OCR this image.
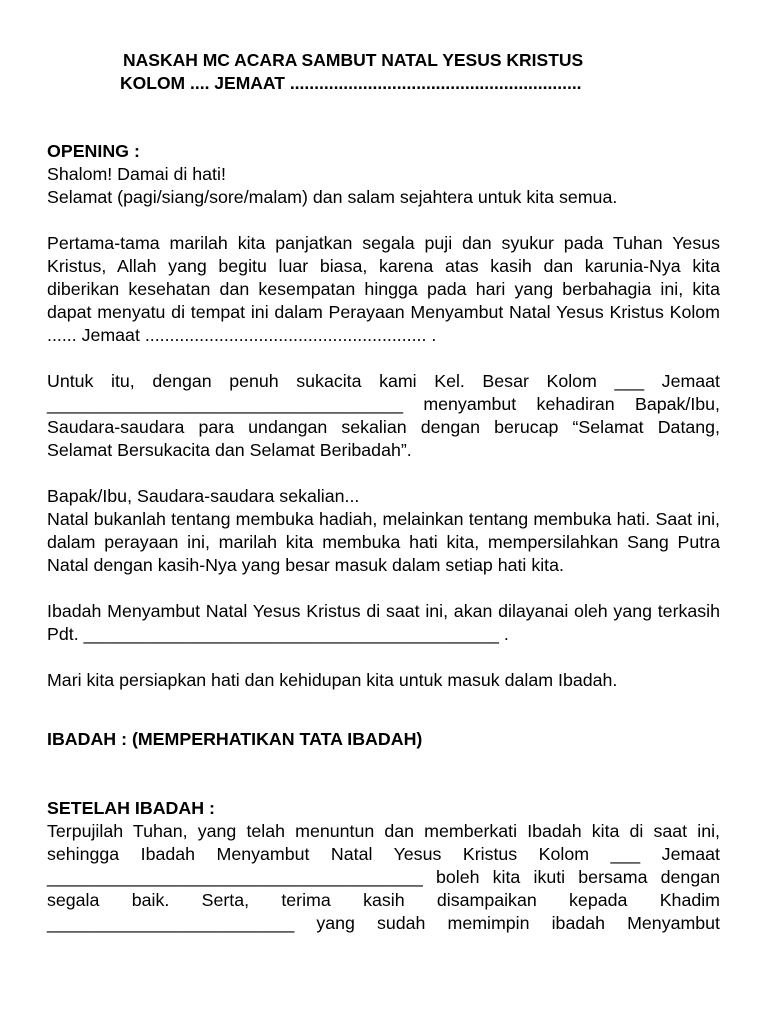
NASKAH MC ACARA SAMBUT NATAL YESUS KRISTUS
KOLOM .... JEMAAT ............................................................

OPENING :

Shalom! Damai di hati!

Selamat (pagi/siang/sore/malam) dan salam sejahtera untuk kita semua.

Pertama-tama marilah kita panjatkan segala puji dan syukur pada Tuhan Yesus Kristus, Allah yang begitu luar biasa, karena atas kasih dan karunia-Nya kita diberikan kesehatan dan kesempatan hingga pada hari yang berbahagia ini, kita dapat menyatu di tempat ini dalam Perayaan Menyambut Natal Yesus Kristus Kolom ...... Jemaat ......................................................... .

Untuk itu, dengan penuh sukacita kami Kel. Besar Kolom ___ Jemaat ____________________________________ menyambut kehadiran Bapak/Ibu, Saudara-saudara para undangan sekalian dengan berucap “Selamat Datang, Selamat Bersukacita dan Selamat Beribadah”.

Bapak/Ibu, Saudara-saudara sekalian...

Natal bukanlah tentang membuka hadiah, melainkan tentang membuka hati. Saat ini, dalam perayaan ini, marilah kita membuka hati kita, mempersilahkan Sang Putra Natal dengan kasih-Nya yang besar masuk dalam setiap hati kita.

Ibadah Menyambut Natal Yesus Kristus di saat ini, akan dilayanai oleh yang terkasih Pdt. __________________________________________ .

Mari kita persiapkan hati dan kehidupan kita untuk masuk dalam Ibadah.

IBADAH : (MEMPERHATIKAN TATA IBADAH)

SETELAH IBADAH :

Terpujilah Tuhan, yang telah menuntun dan memberkati Ibadah kita di saat ini, sehingga Ibadah Menyambut Natal Yesus Kristus Kolom ___ Jemaat ______________________________________ boleh kita ikuti bersama dengan segala baik. Serta, terima kasih disampaikan kepada Khadim _________________________ yang sudah memimpin ibadah Menyambut
